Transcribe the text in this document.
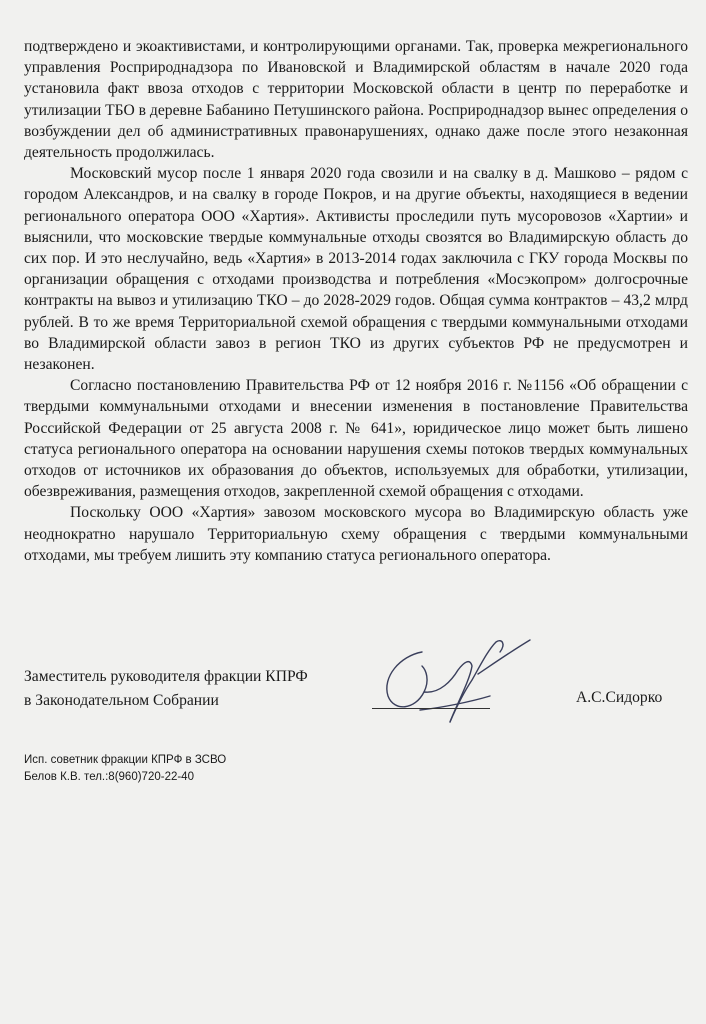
подтверждено и экоактивистами, и контролирующими органами. Так, проверка межрегионального управления Росприроднадзора по Ивановской и Владимирской областям в начале 2020 года установила факт ввоза отходов с территории Московской области в центр по переработке и утилизации ТБО в деревне Бабанино Петушинского района. Росприроднадзор вынес определения о возбуждении дел об административных правонарушениях, однако даже после этого незаконная деятельность продолжилась.

Московский мусор после 1 января 2020 года свозили и на свалку в д. Машково – рядом с городом Александров, и на свалку в городе Покров, и на другие объекты, находящиеся в ведении регионального оператора ООО «Хартия». Активисты проследили путь мусоровозов «Хартии» и выяснили, что московские твердые коммунальные отходы свозятся во Владимирскую область до сих пор. И это неслучайно, ведь «Хартия» в 2013-2014 годах заключила с ГКУ города Москвы по организации обращения с отходами производства и потребления «Мосэкопром» долгосрочные контракты на вывоз и утилизацию ТКО – до 2028-2029 годов. Общая сумма контрактов – 43,2 млрд рублей. В то же время Территориальной схемой обращения с твердыми коммунальными отходами во Владимирской области завоз в регион ТКО из других субъектов РФ не предусмотрен и незаконен.

Согласно постановлению Правительства РФ от 12 ноября 2016 г. №1156 «Об обращении с твердыми коммунальными отходами и внесении изменения в постановление Правительства Российской Федерации от 25 августа 2008 г. № 641», юридическое лицо может быть лишено статуса регионального оператора на основании нарушения схемы потоков твердых коммунальных отходов от источников их образования до объектов, используемых для обработки, утилизации, обезвреживания, размещения отходов, закрепленной схемой обращения с отходами.

Поскольку ООО «Хартия» завозом московского мусора во Владимирскую область уже неоднократно нарушало Территориальную схему обращения с твердыми коммунальными отходами, мы требуем лишить эту компанию статуса регионального оператора.

Заместитель руководителя фракции КПРФ
в Законодательном Собрании	А.С.Сидорко
Исп. советник фракции КПРФ в ЗСВО
Белов К.В. тел.:8(960)720-22-40
